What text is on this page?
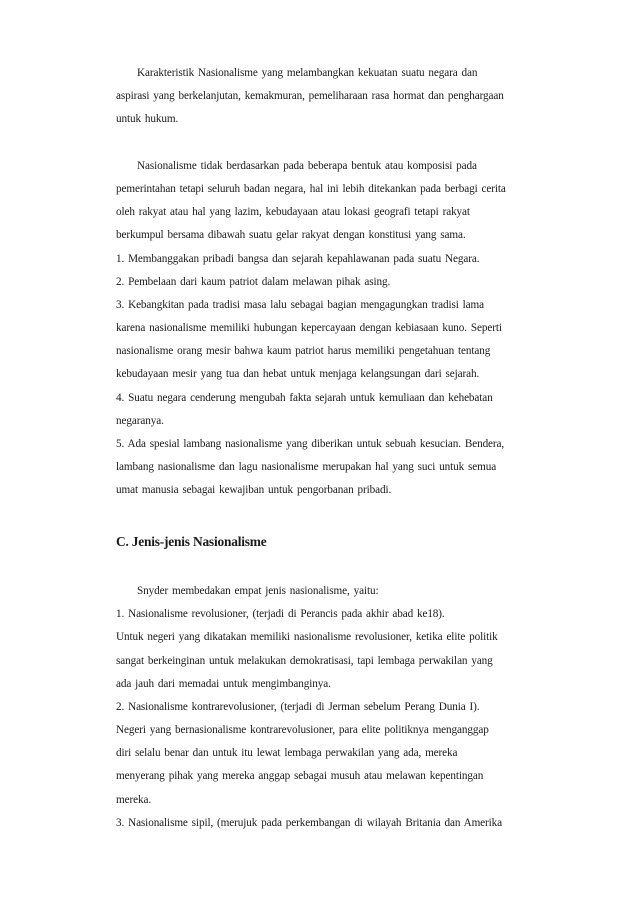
Karakteristik Nasionalisme yang melambangkan kekuatan suatu negara dan
aspirasi yang berkelanjutan, kemakmuran, pemeliharaan rasa hormat dan penghargaan
untuk hukum.
Nasionalisme tidak berdasarkan pada beberapa bentuk atau komposisi pada
pemerintahan tetapi seluruh badan negara, hal ini lebih ditekankan pada berbagi cerita
oleh rakyat atau hal yang lazim, kebudayaan atau lokasi geografi tetapi rakyat
berkumpul bersama dibawah suatu gelar rakyat dengan konstitusi yang sama.
1. Membanggakan pribadi bangsa dan sejarah kepahlawanan pada suatu Negara.
2. Pembelaan dari kaum patriot dalam melawan pihak asing.
3. Kebangkitan pada tradisi masa lalu sebagai bagian mengagungkan tradisi lama
karena nasionalisme memiliki hubungan kepercayaan dengan kebiasaan kuno. Seperti
nasionalisme orang mesir bahwa kaum patriot harus memiliki pengetahuan tentang
kebudayaan mesir yang tua dan hebat untuk menjaga kelangsungan dari sejarah.
4. Suatu negara cenderung mengubah fakta sejarah untuk kemuliaan dan kehebatan
negaranya.
5. Ada spesial lambang nasionalisme yang diberikan untuk sebuah kesucian. Bendera,
lambang nasionalisme dan lagu nasionalisme merupakan hal yang suci untuk semua
umat manusia sebagai kewajiban untuk pengorbanan pribadi.
C. Jenis-jenis Nasionalisme
Snyder membedakan empat jenis nasionalisme, yaitu:
1. Nasionalisme revolusioner, (terjadi di Perancis pada akhir abad ke18).
Untuk negeri yang dikatakan memiliki nasionalisme revolusioner, ketika elite politik
sangat berkeinginan untuk melakukan demokratisasi, tapi lembaga perwakilan yang
ada jauh dari memadai untuk mengimbanginya.
2. Nasionalisme kontrarevolusioner, (terjadi di Jerman sebelum Perang Dunia I).
Negeri yang bernasionalisme kontrarevolusioner, para elite politiknya menganggap
diri selalu benar dan untuk itu lewat lembaga perwakilan yang ada, mereka
menyerang pihak yang mereka anggap sebagai musuh atau melawan kepentingan
mereka.
3. Nasionalisme sipil, (merujuk pada perkembangan di wilayah Britania dan Amerika
